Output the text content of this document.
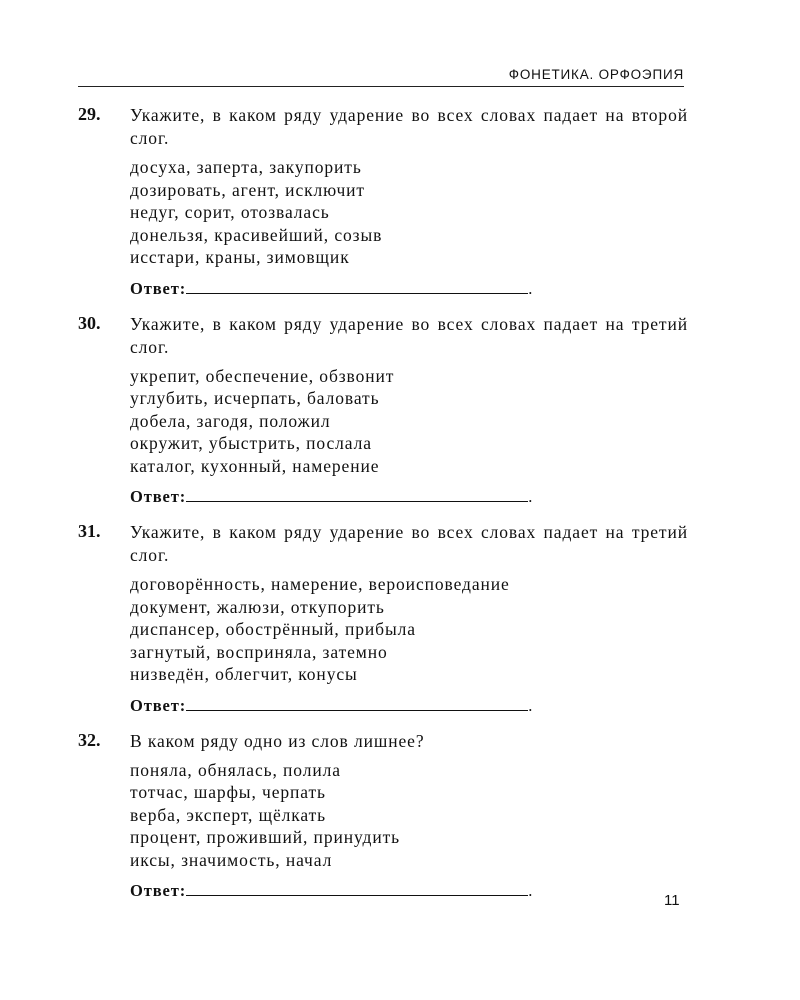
ФОНЕТИКА. ОРФОЭПИЯ
29. Укажите, в каком ряду ударение во всех словах падает на второй слог.
досуха, заперта, закупорить
дозировать, агент, исключит
недуг, сорит, отозвалась
донельзя, красивейший, созыв
исстари, краны, зимовщик
Ответ:	.
30. Укажите, в каком ряду ударение во всех словах падает на третий слог.
укрепит, обеспечение, обзвонит
углубить, исчерпать, баловать
добела, загодя, положил
окружит, убыстрить, послала
каталог, кухонный, намерение
Ответ:	.
31. Укажите, в каком ряду ударение во всех словах падает на третий слог.
договорённость, намерение, вероисповедание
документ, жалюзи, откупорить
диспансер, обострённый, прибыла
загнутый, восприняла, затемно
низведён, облегчит, конусы
Ответ:	.
32. В каком ряду одно из слов лишнее?
поняла, обнялась, полила
тотчас, шарфы, черпать
верба, эксперт, щёлкать
процент, проживший, принудить
иксы, значимость, начал
Ответ:	.
11
